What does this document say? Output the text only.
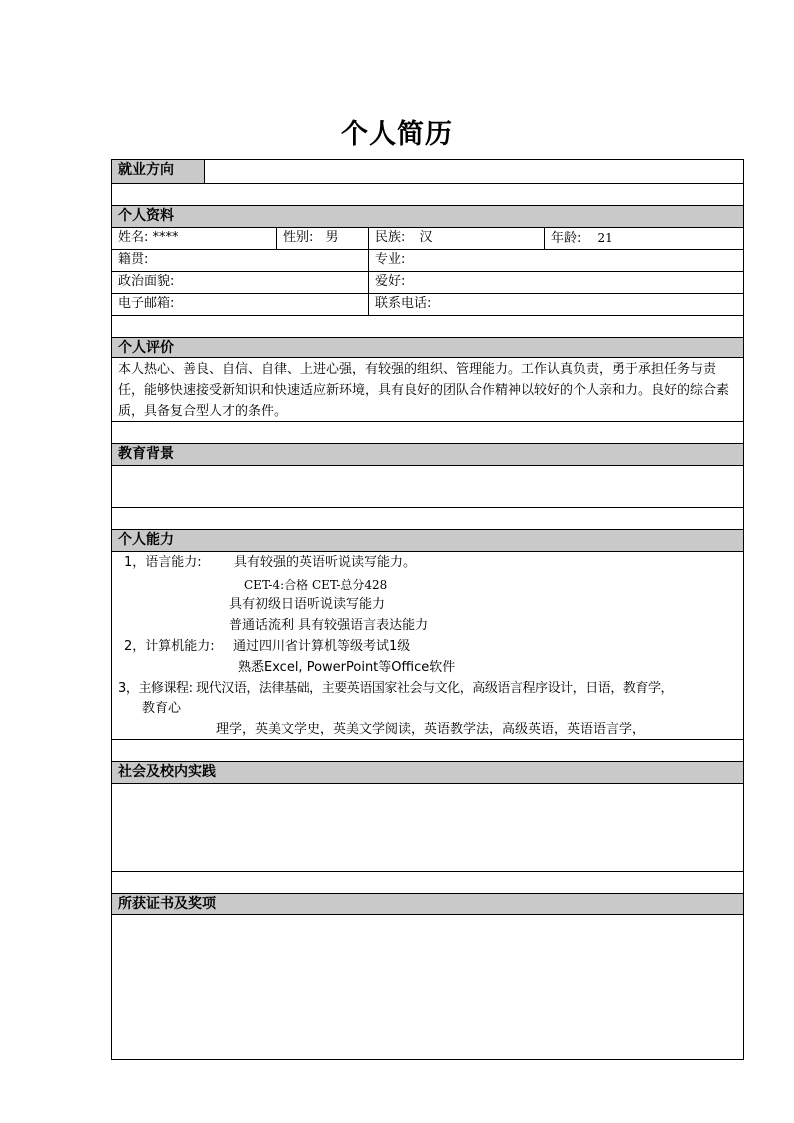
个人简历
就业方向
个人资料
姓名: ****	性别: 男	民族: 汉	年龄: 21
籍贯:	专业:
政治面貌:	爱好:
电子邮箱:	联系电话:
个人评价
本人热心、善良、自信、自律、上进心强，有较强的组织、管理能力。工作认真负责，勇于承担任务与责任，能够快速接受新知识和快速适应新环境，具有良好的团队合作精神以较好的个人亲和力。良好的综合素质，具备复合型人才的条件。
教育背景
个人能力
1，语言能力: 具有较强的英语听说读写能力。
CET-4:合格 CET-总分428
具有初级日语听说读写能力
普通话流利 具有较强语言表达能力
2，计算机能力: 通过四川省计算机等级考试1级
熟悉Excel, PowerPoint等Office软件
3，主修课程: 现代汉语，法律基础，主要英语国家社会与文化，高级语言程序设计，日语，教育学，
教育心
理学，英美文学史，英美文学阅读，英语教学法，高级英语，英语语言学，
社会及校内实践
所获证书及奖项
